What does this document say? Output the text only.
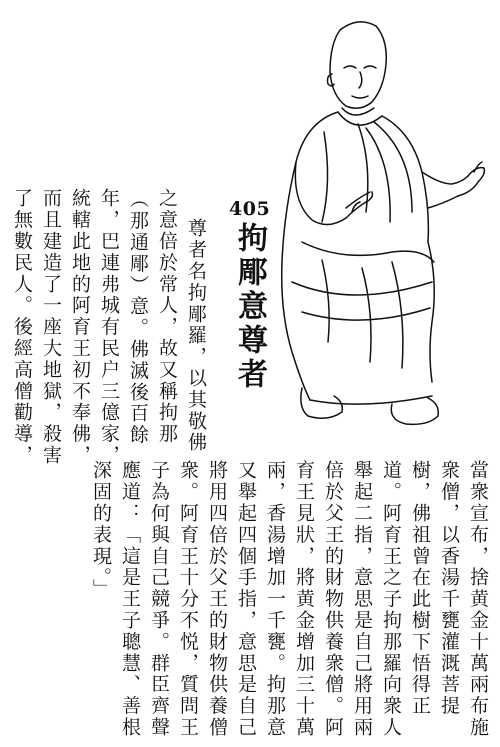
405
拘郮意尊者
尊者名拘郮羅，以其敬佛
之意倍於常人，故又稱拘那
（那通郮）意。佛滅後百餘
年，巴連弗城有民户三億家，
統轄此地的阿育王初不奉佛，
而且建造了一座大地獄，殺害
了無數民人。後經高僧勸導，
當衆宣布，捨黄金十萬兩布施
衆僧，以香湯千甕灌溉菩提
樹，佛祖曾在此樹下悟得正
道。阿育王之子拘那羅向衆人
舉起二指，意思是自己將用兩
倍於父王的財物供養衆僧。阿
育王見狀，將黄金增加三十萬
兩，香湯增加一千甕。拘那意
又舉起四個手指，意思是自己
將用四倍於父王的財物供養僧
衆。阿育王十分不悦，質問王
子為何與自己競爭。群臣齊聲
應道：「這是王子聰慧、善根
深固的表現。」
